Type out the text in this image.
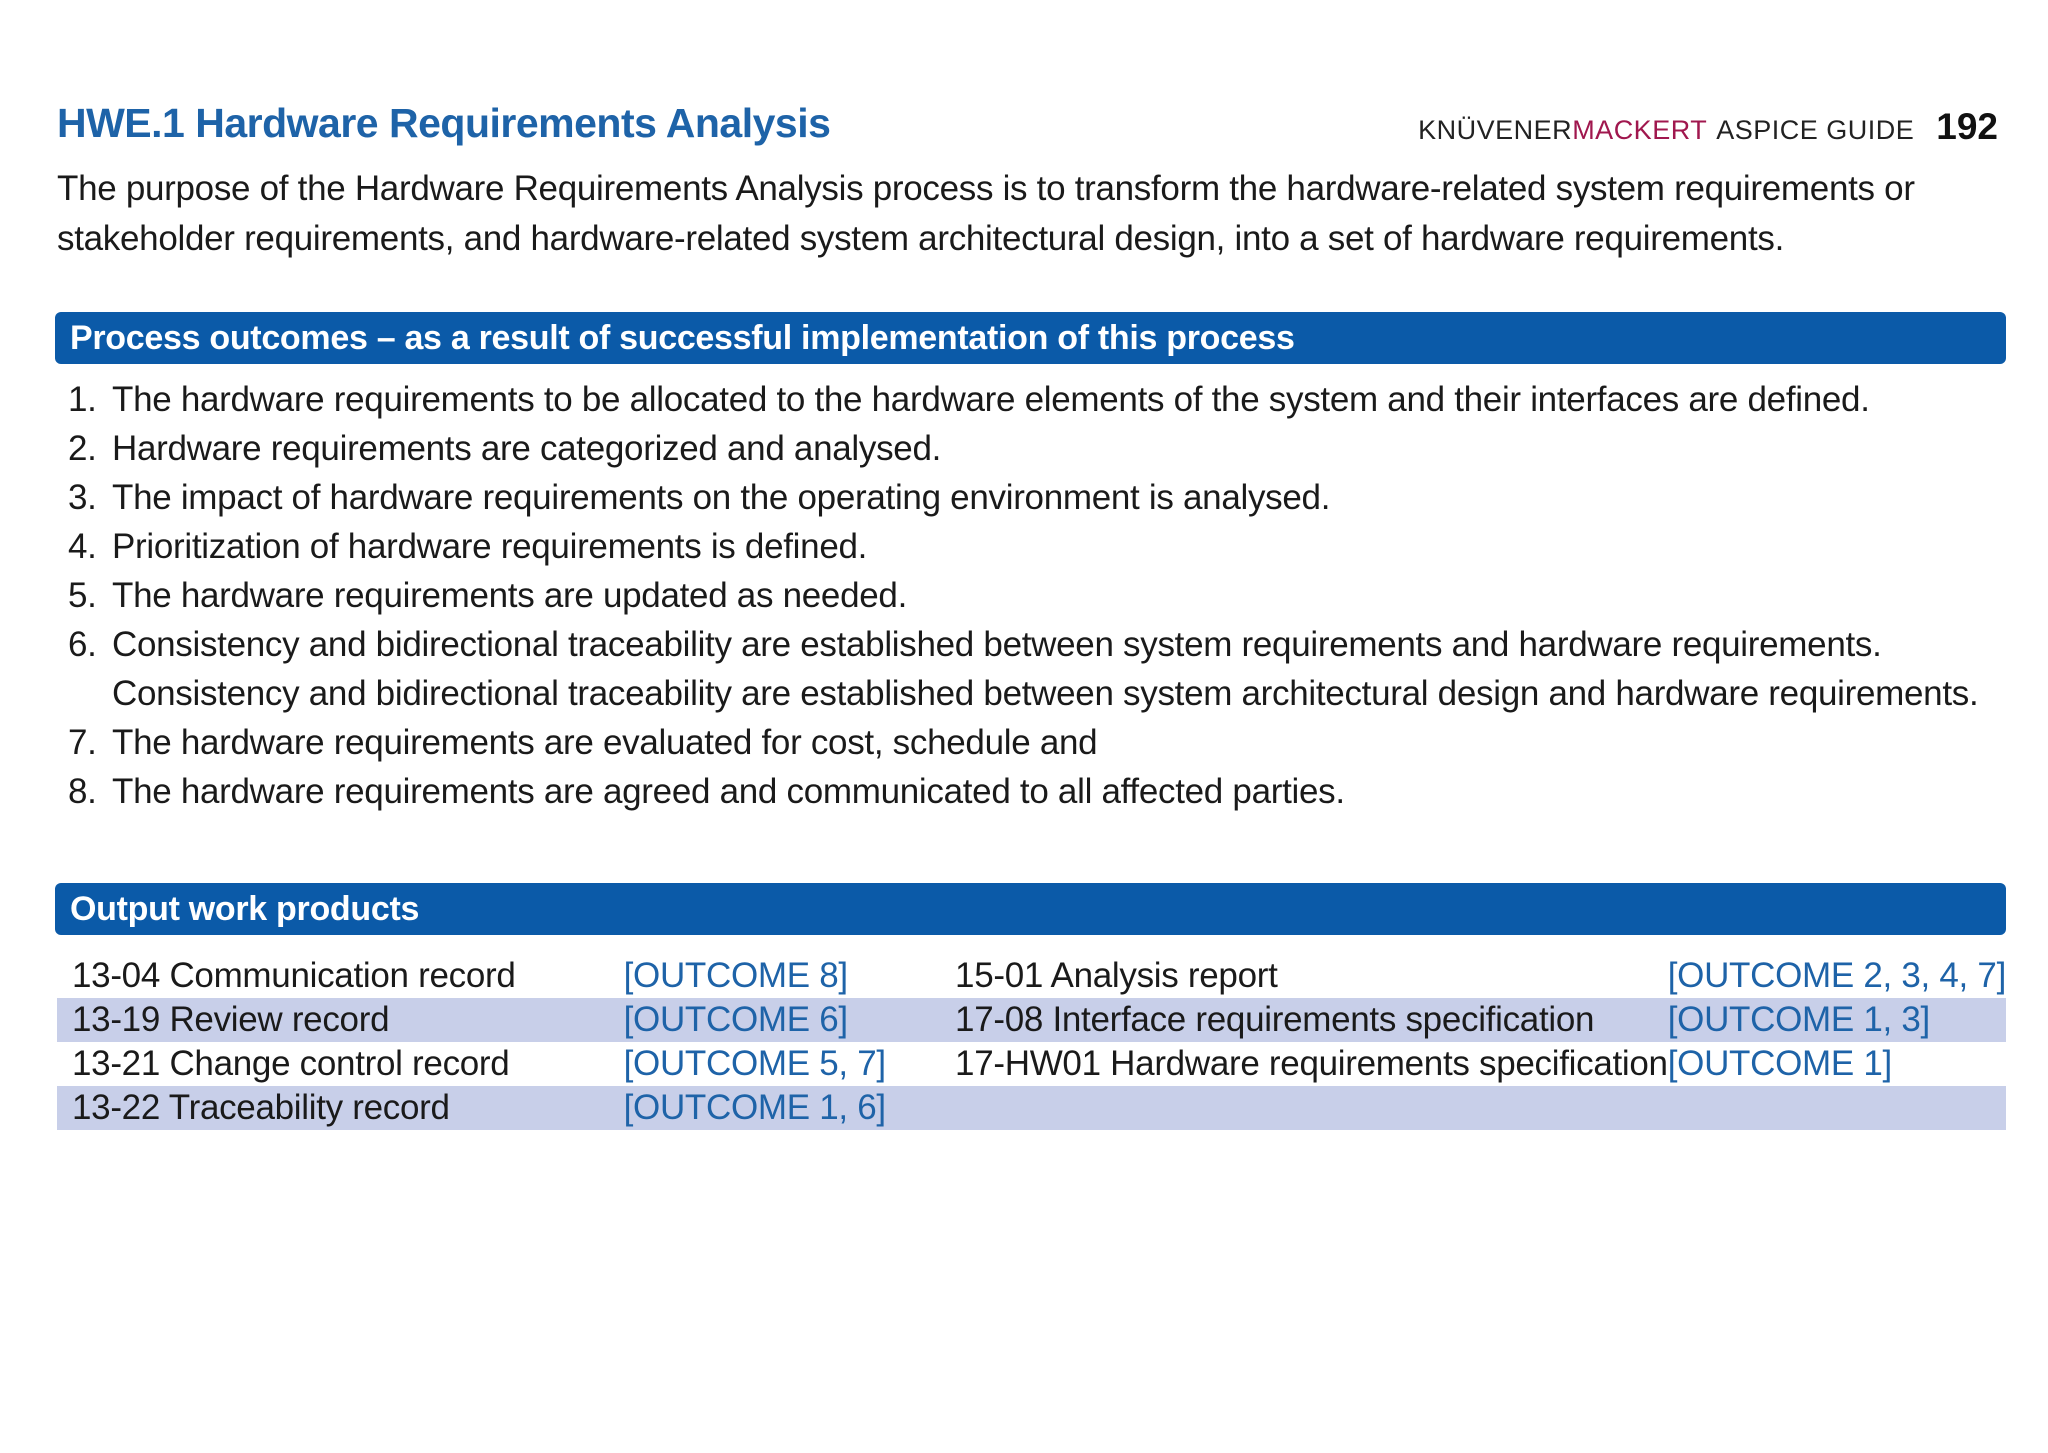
HWE.1 Hardware Requirements Analysis	KNÜVENER MACKERT ASPICE GUIDE 192
The purpose of the Hardware Requirements Analysis process is to transform the hardware-related system requirements or stakeholder requirements, and hardware-related system architectural design, into a set of hardware requirements.
Process outcomes – as a result of successful implementation of this process
1. The hardware requirements to be allocated to the hardware elements of the system and their interfaces are defined.
2. Hardware requirements are categorized and analysed.
3. The impact of hardware requirements on the operating environment is analysed.
4. Prioritization of hardware requirements is defined.
5. The hardware requirements are updated as needed.
6. Consistency and bidirectional traceability are established between system requirements and hardware requirements. Consistency and bidirectional traceability are established between system architectural design and hardware requirements.
7. The hardware requirements are evaluated for cost, schedule and
8. The hardware requirements are agreed and communicated to all affected parties.
Output work products
13-04 Communication record	[OUTCOME 8]	15-01 Analysis report	[OUTCOME 2, 3, 4, 7]
13-19 Review record	[OUTCOME 6]	17-08 Interface requirements specification	[OUTCOME 1, 3]
13-21 Change control record	[OUTCOME 5, 7]	17-HW01 Hardware requirements specification	[OUTCOME 1]
13-22 Traceability record	[OUTCOME 1, 6]		
